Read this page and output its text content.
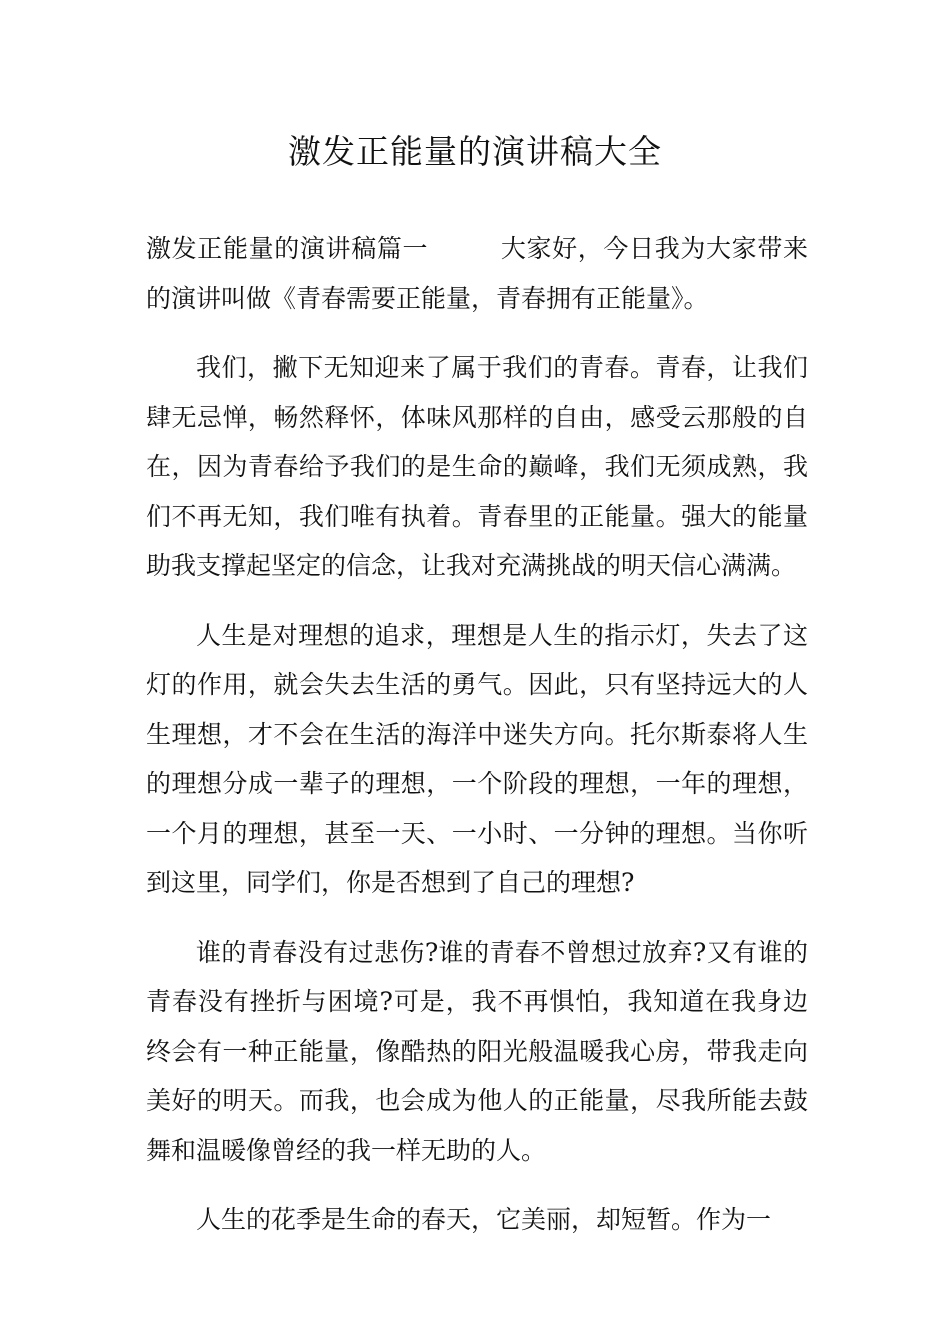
激发正能量的演讲稿大全

激发正能量的演讲稿篇一	大家好，今日我为大家带来的演讲叫做《青春需要正能量，青春拥有正能量》。

我们，撇下无知迎来了属于我们的青春。青春，让我们肆无忌惮，畅然释怀，体味风那样的自由，感受云那般的自在，因为青春给予我们的是生命的巅峰，我们无须成熟，我们不再无知，我们唯有执着。青春里的正能量。强大的能量助我支撑起坚定的信念，让我对充满挑战的明天信心满满。

人生是对理想的追求，理想是人生的指示灯，失去了这灯的作用，就会失去生活的勇气。因此，只有坚持远大的人生理想，才不会在生活的海洋中迷失方向。托尔斯泰将人生的理想分成一辈子的理想，一个阶段的理想，一年的理想，一个月的理想，甚至一天、一小时、一分钟的理想。当你听到这里，同学们，你是否想到了自己的理想?

谁的青春没有过悲伤?谁的青春不曾想过放弃?又有谁的青春没有挫折与困境?可是，我不再惧怕，我知道在我身边终会有一种正能量，像酷热的阳光般温暖我心房，带我走向美好的明天。而我，也会成为他人的正能量，尽我所能去鼓舞和温暖像曾经的我一样无助的人。

人生的花季是生命的春天，它美丽，却短暂。作为一
